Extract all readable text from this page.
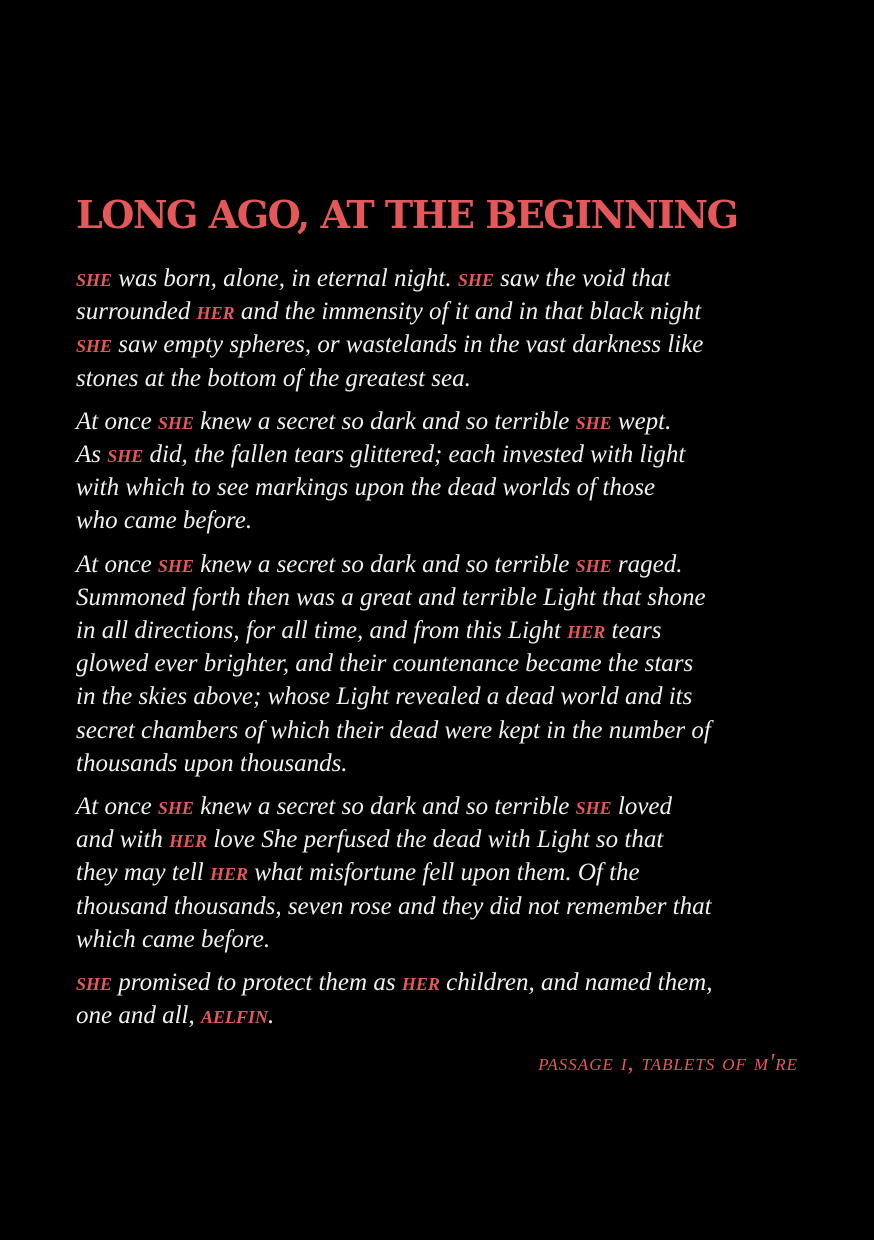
LONG AGO, AT THE BEGINNING

she was born, alone, in eternal night. she saw the void that
surrounded her and the immensity of it and in that black night
she saw empty spheres, or wastelands in the vast darkness like
stones at the bottom of the greatest sea.

At once she knew a secret so dark and so terrible she wept.
As she did, the fallen tears glittered; each invested with light
with which to see markings upon the dead worlds of those
who came before.

At once she knew a secret so dark and so terrible she raged.
Summoned forth then was a great and terrible Light that shone
in all directions, for all time, and from this Light her tears
glowed ever brighter, and their countenance became the stars
in the skies above; whose Light revealed a dead world and its
secret chambers of which their dead were kept in the number of
thousands upon thousands.

At once she knew a secret so dark and so terrible she loved
and with her love She perfused the dead with Light so that
they may tell her what misfortune fell upon them. Of the
thousand thousands, seven rose and they did not remember that
which came before.

she promised to protect them as her children, and named them,
one and all, aelfin.

passage i, tablets of m're
